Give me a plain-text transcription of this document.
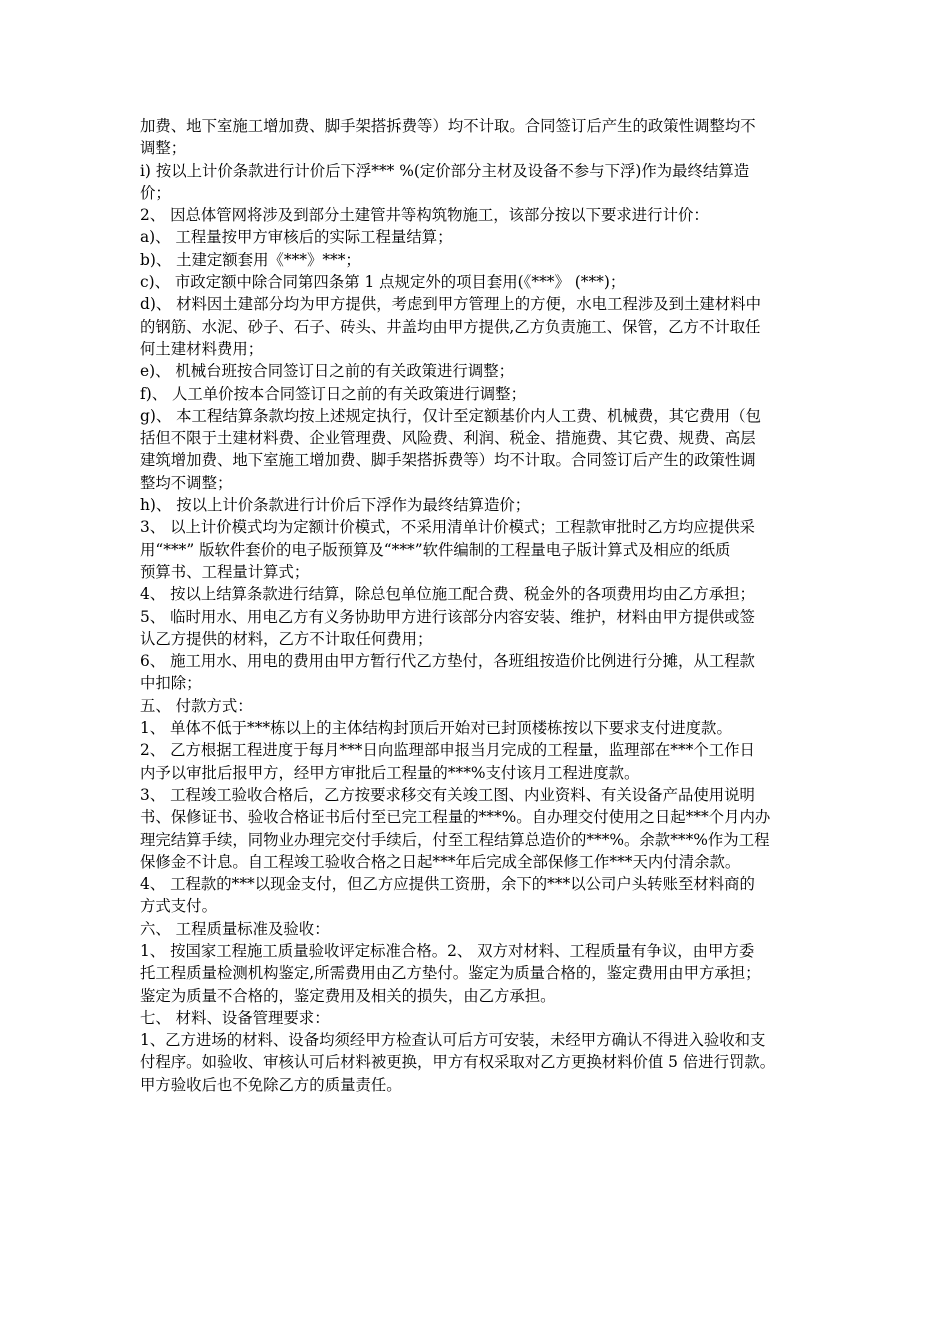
加费、地下室施工增加费、脚手架搭拆费等）均不计取。合同签订后产生的政策性调整均不
调整；
i) 按以上计价条款进行计价后下浮*** %(定价部分主材及设备不参与下浮)作为最终结算造
价；
2、 因总体管网将涉及到部分土建管井等构筑物施工，该部分按以下要求进行计价：
a)、 工程量按甲方审核后的实际工程量结算；
b)、 土建定额套用《***》***；
c)、 市政定额中除合同第四条第 1 点规定外的项目套用(《***》 (***)；
d)、 材料因土建部分均为甲方提供，考虑到甲方管理上的方便，水电工程涉及到土建材料中
的钢筋、水泥、砂子、石子、砖头、井盖均由甲方提供,乙方负责施工、保管，乙方不计取任
何土建材料费用；
e)、 机械台班按合同签订日之前的有关政策进行调整；
f)、 人工单价按本合同签订日之前的有关政策进行调整；
g)、 本工程结算条款均按上述规定执行，仅计至定额基价内人工费、机械费，其它费用（包
括但不限于土建材料费、企业管理费、风险费、利润、税金、措施费、其它费、规费、高层
建筑增加费、地下室施工增加费、脚手架搭拆费等）均不计取。合同签订后产生的政策性调
整均不调整；
h)、 按以上计价条款进行计价后下浮作为最终结算造价；
3、 以上计价模式均为定额计价模式，不采用清单计价模式；工程款审批时乙方均应提供采
用“***” 版软件套价的电子版预算及“***”软件编制的工程量电子版计算式及相应的纸质
预算书、工程量计算式；
4、 按以上结算条款进行结算，除总包单位施工配合费、税金外的各项费用均由乙方承担；
5、 临时用水、用电乙方有义务协助甲方进行该部分内容安装、维护，材料由甲方提供或签
认乙方提供的材料，乙方不计取任何费用；
6、 施工用水、用电的费用由甲方暂行代乙方垫付，各班组按造价比例进行分摊，从工程款
中扣除；
五、 付款方式：
1、 单体不低于***栋以上的主体结构封顶后开始对已封顶楼栋按以下要求支付进度款。
2、 乙方根据工程进度于每月***日向监理部申报当月完成的工程量，监理部在***个工作日
内予以审批后报甲方，经甲方审批后工程量的***%支付该月工程进度款。
3、 工程竣工验收合格后，乙方按要求移交有关竣工图、内业资料、有关设备产品使用说明
书、保修证书、验收合格证书后付至已完工程量的***%。自办理交付使用之日起***个月内办
理完结算手续，同物业办理完交付手续后，付至工程结算总造价的***%。余款***%作为工程
保修金不计息。自工程竣工验收合格之日起***年后完成全部保修工作***天内付清余款。
4、 工程款的***以现金支付，但乙方应提供工资册，余下的***以公司户头转账至材料商的
方式支付。
六、 工程质量标准及验收：
1、 按国家工程施工质量验收评定标准合格。2、 双方对材料、工程质量有争议，由甲方委
托工程质量检测机构鉴定,所需费用由乙方垫付。鉴定为质量合格的，鉴定费用由甲方承担；
鉴定为质量不合格的，鉴定费用及相关的损失，由乙方承担。
七、 材料、设备管理要求：
1、乙方进场的材料、设备均须经甲方检查认可后方可安装，未经甲方确认不得进入验收和支
付程序。如验收、审核认可后材料被更换，甲方有权采取对乙方更换材料价值 5 倍进行罚款。
甲方验收后也不免除乙方的质量责任。
